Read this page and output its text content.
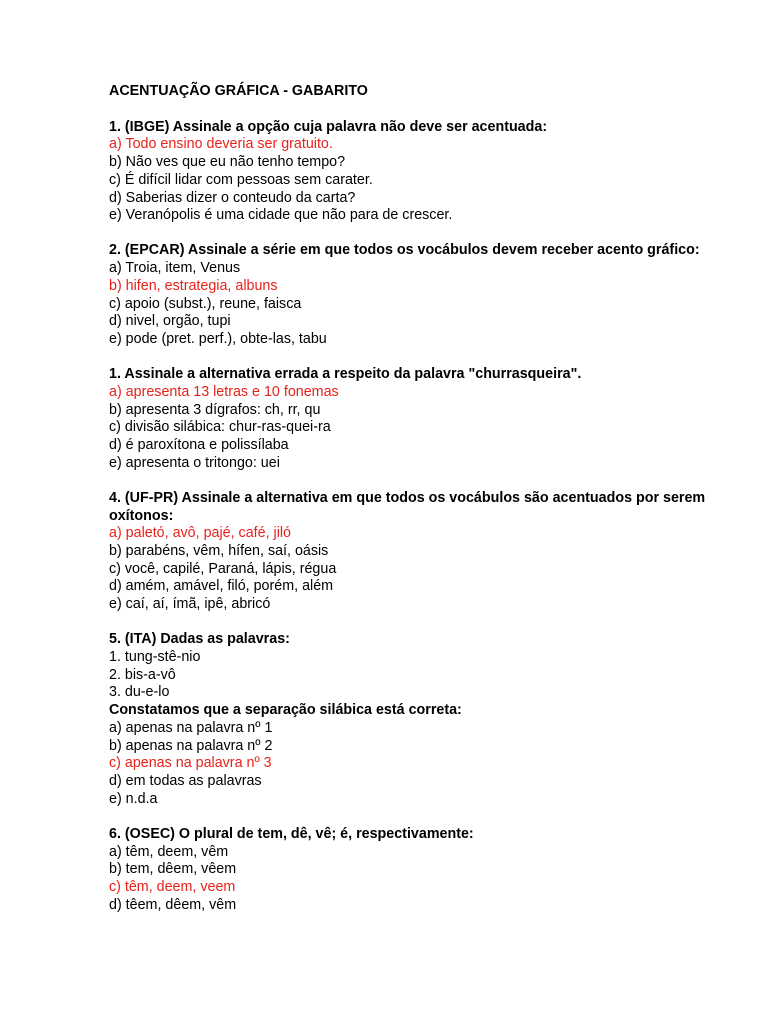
ACENTUAÇÃO GRÁFICA - GABARITO
1. (IBGE) Assinale a opção cuja palavra não deve ser acentuada:
a) Todo ensino deveria ser gratuito.
b) Não ves que eu não tenho tempo?
c) É difícil lidar com pessoas sem carater.
d) Saberias dizer o conteudo da carta?
e) Veranópolis é uma cidade que não para de crescer.
2. (EPCAR) Assinale a série em que todos os vocábulos devem receber acento gráfico:
a) Troia, item, Venus
b) hifen, estrategia, albuns
c) apoio (subst.), reune, faisca
d) nivel, orgão, tupi
e) pode (pret. perf.), obte-las, tabu
1. Assinale a alternativa errada a respeito da palavra "churrasqueira".
a) apresenta 13 letras e 10 fonemas
b) apresenta 3 dígrafos: ch, rr, qu
c) divisão silábica: chur-ras-quei-ra
d) é paroxítona e polissílaba
e) apresenta o tritongo: uei
4. (UF-PR) Assinale a alternativa em que todos os vocábulos são acentuados por serem oxítonos:
a) paletó, avô, pajé, café, jiló
b) parabéns, vêm, hífen, saí, oásis
c) você, capilé, Paraná, lápis, régua
d) amém, amável, filó, porém, além
e) caí, aí, ímã, ipê, abricó
5. (ITA) Dadas as palavras:
1. tung-stê-nio
2. bis-a-vô
3. du-e-lo
Constatamos que a separação silábica está correta:
a) apenas na palavra nº 1
b) apenas na palavra nº 2
c) apenas na palavra nº 3
d) em todas as palavras
e) n.d.a
6. (OSEC) O plural de tem, dê, vê; é, respectivamente:
a) têm, deem, vêm
b) tem, dêem, vêem
c) têm, deem, veem
d) têem, dêem, vêm
